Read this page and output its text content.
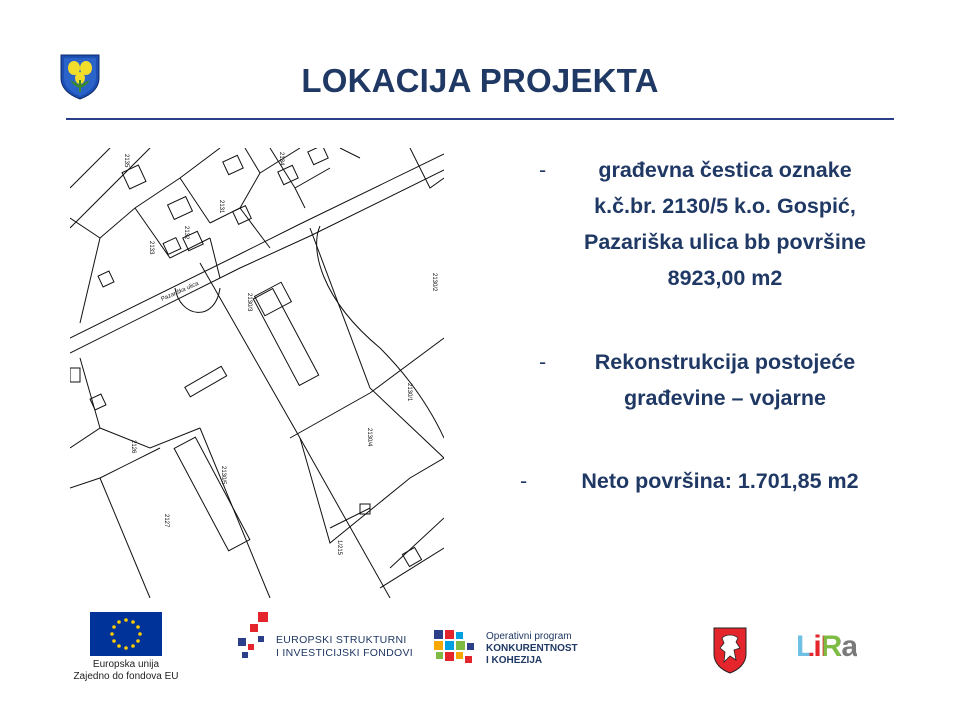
LOKACIJA PROJEKTA
Pazariška ulica
2130/5
2130/4
2130/3
2130/2
2130/1
2132
2133
2127
2126
2134
2135
2131
1/215
-	građevna čestica oznake
k.č.br. 2130/5 k.o. Gospić,
Pazariška ulica bb površine
8923,00 m2
-	Rekonstrukcija postojeće
građevine – vojarne
-	Neto površina: 1.701,85 m2
Europska unija
Zajedno do fondova EU
EUROPSKI STRUKTURNI
I INVESTICIJSKI FONDOVI
Operativni program
KONKURENTNOST
I KOHEZIJA	LiRa
